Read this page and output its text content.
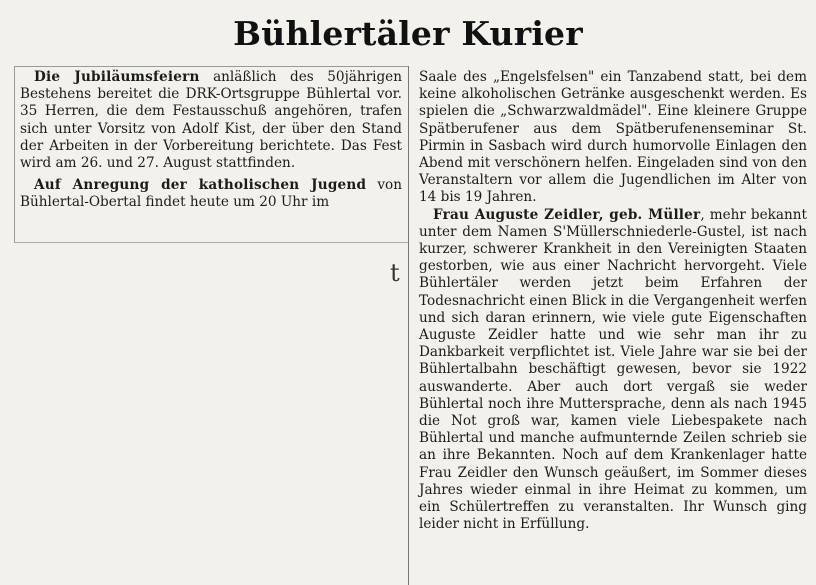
Bühlertäler Kurier

Die Jubiläumsfeiern anläßlich des 50jährigen Bestehens bereitet die DRK-Ortsgruppe Bühlertal vor. 35 Herren, die dem Festausschuß angehören, trafen sich unter Vorsitz von Adolf Kist, der über den Stand der Arbeiten in der Vorbereitung berichtete. Das Fest wird am 26. und 27. August stattfinden.

Auf Anregung der katholischen Jugend von Bühlertal-Obertal findet heute um 20 Uhr im

t

Saale des „Engelsfelsen" ein Tanzabend statt, bei dem keine alkoholischen Getränke ausgeschenkt werden. Es spielen die „Schwarzwaldmädel". Eine kleinere Gruppe Spätberufener aus dem Spätberufenenseminar St. Pirmin in Sasbach wird durch humorvolle Einlagen den Abend mit verschönern helfen. Eingeladen sind von den Veranstaltern vor allem die Jugendlichen im Alter von 14 bis 19 Jahren.

Frau Auguste Zeidler, geb. Müller, mehr bekannt unter dem Namen S'Müllerschniederle-Gustel, ist nach kurzer, schwerer Krankheit in den Vereinigten Staaten gestorben, wie aus einer Nachricht hervorgeht. Viele Bühlertäler werden jetzt beim Erfahren der Todesnachricht einen Blick in die Vergangenheit werfen und sich daran erinnern, wie viele gute Eigenschaften Auguste Zeidler hatte und wie sehr man ihr zu Dankbarkeit verpflichtet ist. Viele Jahre war sie bei der Bühlertalbahn beschäftigt gewesen, bevor sie 1922 auswanderte. Aber auch dort vergaß sie weder Bühlertal noch ihre Muttersprache, denn als nach 1945 die Not groß war, kamen viele Liebespakete nach Bühlertal und manche aufmunternde Zeilen schrieb sie an ihre Bekannten. Noch auf dem Krankenlager hatte Frau Zeidler den Wunsch geäußert, im Sommer dieses Jahres wieder einmal in ihre Heimat zu kommen, um ein Schülertreffen zu veranstalten. Ihr Wunsch ging leider nicht in Erfüllung.
